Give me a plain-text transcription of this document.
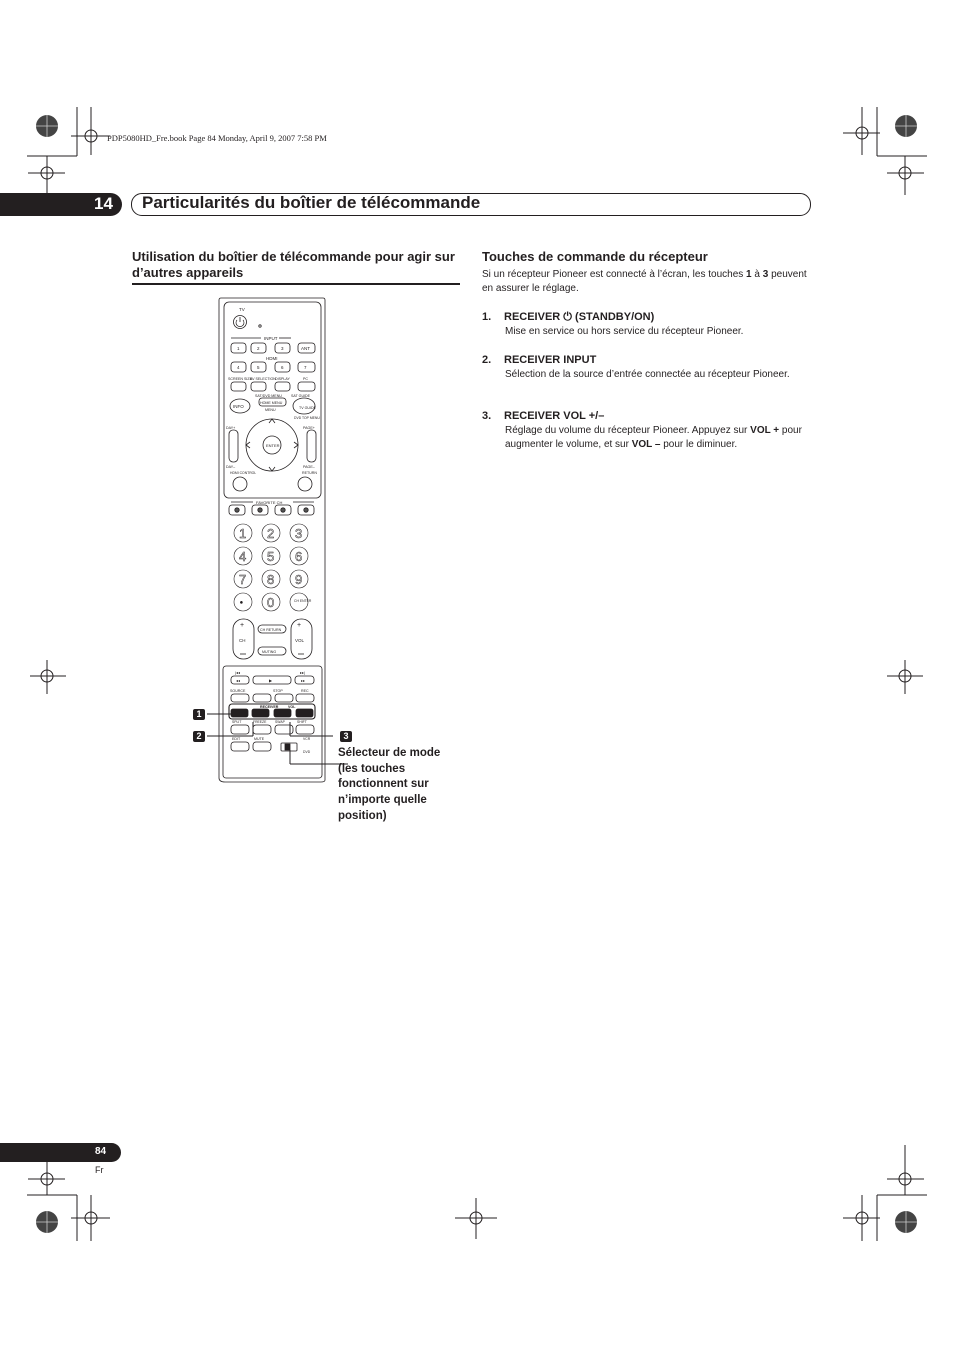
PDP5080HD_Fre.book Page 84 Monday, April 9, 2007 7:58 PM
14 Particularités du boîtier de télécommande
Utilisation du boîtier de télécommande pour agir sur d’autres appareils
Touches de commande du récepteur
Si un récepteur Pioneer est connecté à l’écran, les touches 1 à 3 peuvent en assurer le réglage.
1. RECEIVER ⏻ (STANDBY/ON)
Mise en service ou hors service du récepteur Pioneer.
2. RECEIVER INPUT
Sélection de la source d’entrée connectée au récepteur Pioneer.
3. RECEIVER VOL +/–
Réglage du volume du récepteur Pioneer. Appuyez sur VOL + pour augmenter le volume, et sur VOL – pour le diminuer.
TV
INPUT
1	2	3	ANT
HDMI
4	5	6	7
SCREEN SIZE
AV SELECTION DISPLAY	PC
SAT/DVD MENU	SAT GUIDE
INFO
HOME MENU
MENU	TV GUIDE
DVD TOP MENU
ENTER
DAY+
DAY–
PAGE+
PAGE–
HDMI CONTROL	RETURN
FAVORITE CH
1 2 3
4 5 6
7 8 9
• 0	CH ENTER
CH	VOL
+	+
CH RETURN
MUTING
|◂◂	▸▸|
◂◂	▶	▸▸
SOURCE	STOP	REC
RECEIVER	VOL
SPLIT	FREEZE	SWAP	SHIFT
EDIT	MUTE	VCR
DVD
1
2	3
Sélecteur de mode (les touches fonctionnent sur n’importe quelle position)
84
Fr
